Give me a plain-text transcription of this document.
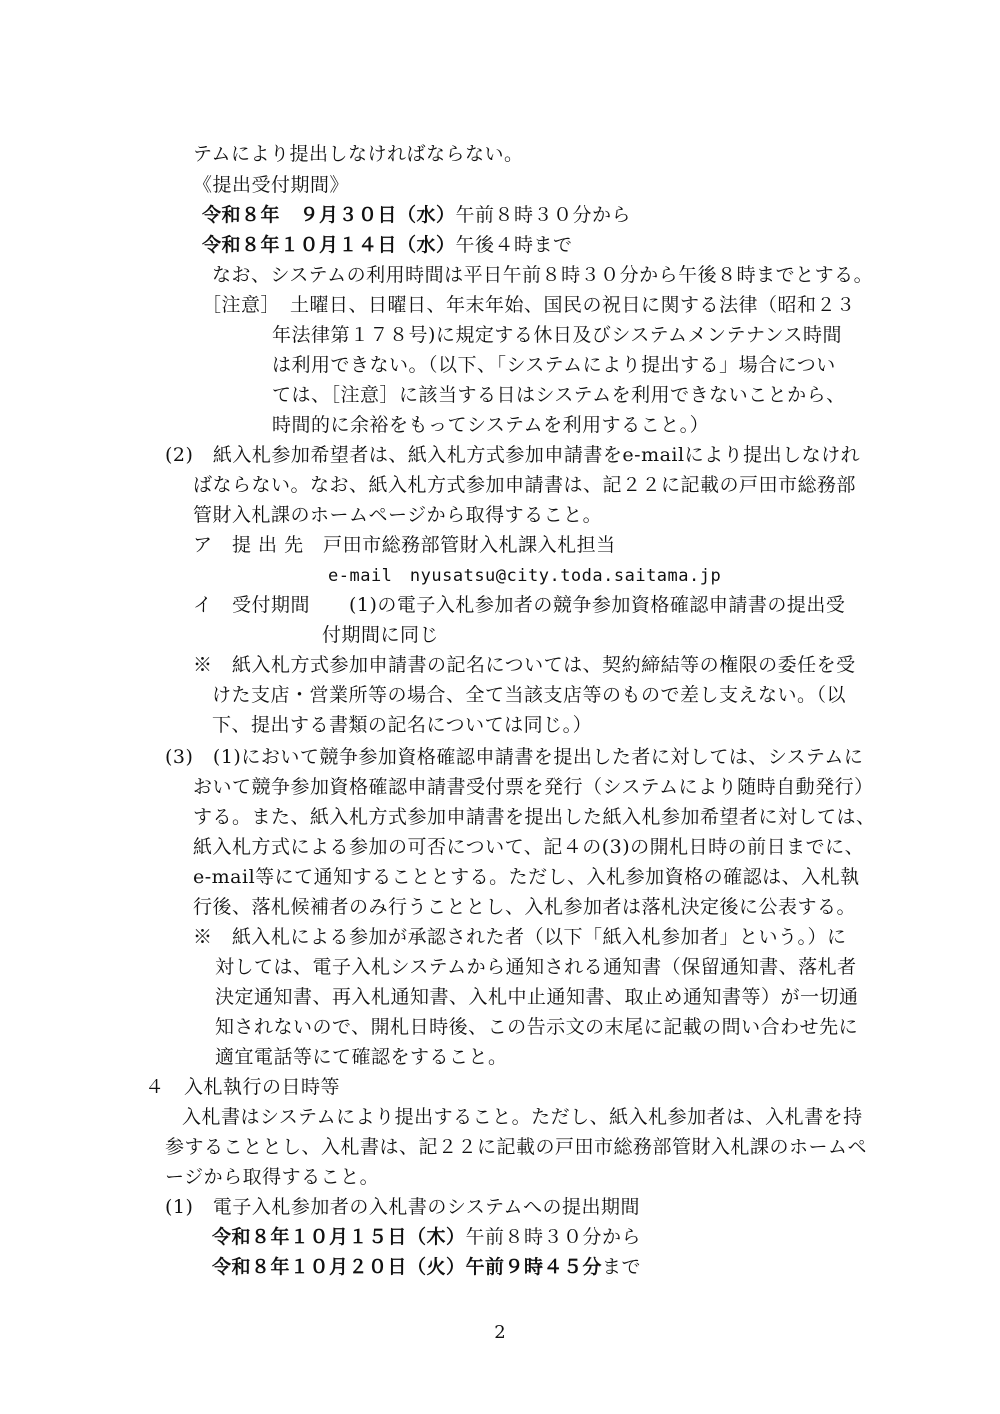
テムにより提出しなければならない。
《提出受付期間》
令和８年　９月３０日（水）午前８時３０分から
令和８年１０月１４日（水）午後４時まで
なお、システムの利用時間は平日午前８時３０分から午後８時までとする。
［注意］　土曜日、日曜日、年末年始、国民の祝日に関する法律（昭和２３
年法律第１７８号)に規定する休日及びシステムメンテナンス時間
は利用できない。（以下、「システムにより提出する」場合につい
ては、［注意］に該当する日はシステムを利用できないことから、
時間的に余裕をもってシステムを利用すること。）
(2)　紙入札参加希望者は、紙入札方式参加申請書をe-mailにより提出しなけれ
ばならない。なお、紙入札方式参加申請書は、記２２に記載の戸田市総務部
管財入札課のホームページから取得すること。
ア　提 出 先　戸田市総務部管財入札課入札担当
e-mail　nyusatsu@city.toda.saitama.jp
イ　受付期間　　(1)の電子入札参加者の競争参加資格確認申請書の提出受
付期間に同じ
※　紙入札方式参加申請書の記名については、契約締結等の権限の委任を受
けた支店・営業所等の場合、全て当該支店等のもので差し支えない。（以
下、提出する書類の記名については同じ。）
(3)　(1)において競争参加資格確認申請書を提出した者に対しては、システムに
おいて競争参加資格確認申請書受付票を発行（システムにより随時自動発行）
する。また、紙入札方式参加申請書を提出した紙入札参加希望者に対しては、
紙入札方式による参加の可否について、記４の(3)の開札日時の前日までに、
e-mail等にて通知することとする。ただし、入札参加資格の確認は、入札執
行後、落札候補者のみ行うこととし、入札参加者は落札決定後に公表する。
※　紙入札による参加が承認された者（以下「紙入札参加者」という。）に
対しては、電子入札システムから通知される通知書（保留通知書、落札者
決定通知書、再入札通知書、入札中止通知書、取止め通知書等）が一切通
知されないので、開札日時後、この告示文の末尾に記載の問い合わせ先に
適宜電話等にて確認をすること。
４　入札執行の日時等
入札書はシステムにより提出すること。ただし、紙入札参加者は、入札書を持
参することとし、入札書は、記２２に記載の戸田市総務部管財入札課のホームペ
ージから取得すること。
(1)　電子入札参加者の入札書のシステムへの提出期間
令和８年１０月１５日（木）午前８時３０分から
令和８年１０月２０日（火）午前９時４５分まで
2
